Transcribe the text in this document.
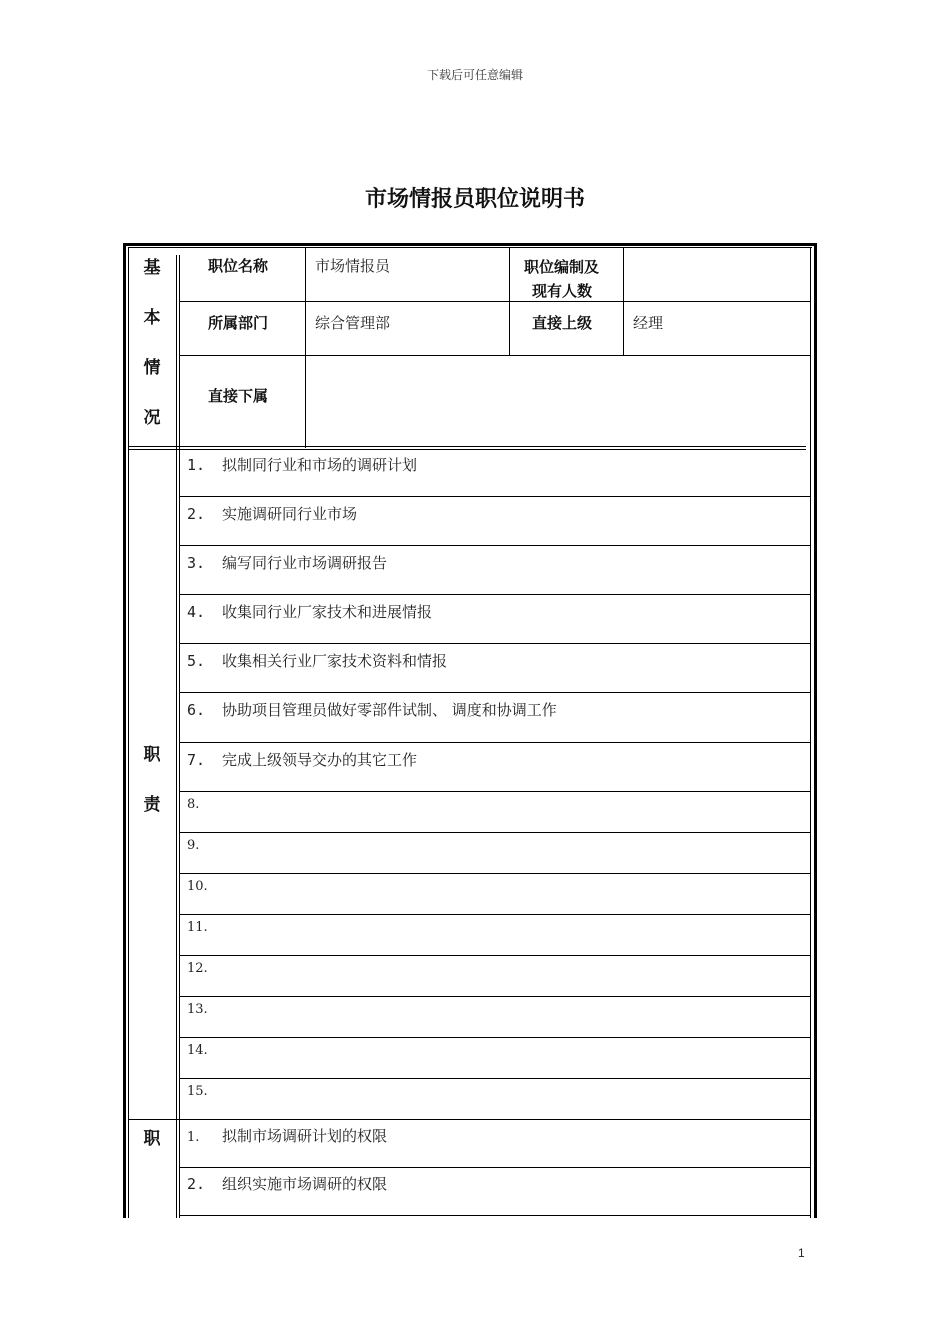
下载后可任意编辑
市场情报员职位说明书
基
本
情
况
职位名称	市场情报员	职位编制及
现有人数
所属部门	综合管理部	直接上级	经理
直接下属
职
责
1. 拟制同行业和市场的调研计划
2. 实施调研同行业市场
3. 编写同行业市场调研报告
4. 收集同行业厂家技术和进展情报
5. 收集相关行业厂家技术资料和情报
6. 协助项目管理员做好零部件试制、 调度和协调工作
7. 完成上级领导交办的其它工作
8.
9.
10.
11.
12.
13.
14.
15.
职	1. 拟制市场调研计划的权限
2. 组织实施市场调研的权限
1
